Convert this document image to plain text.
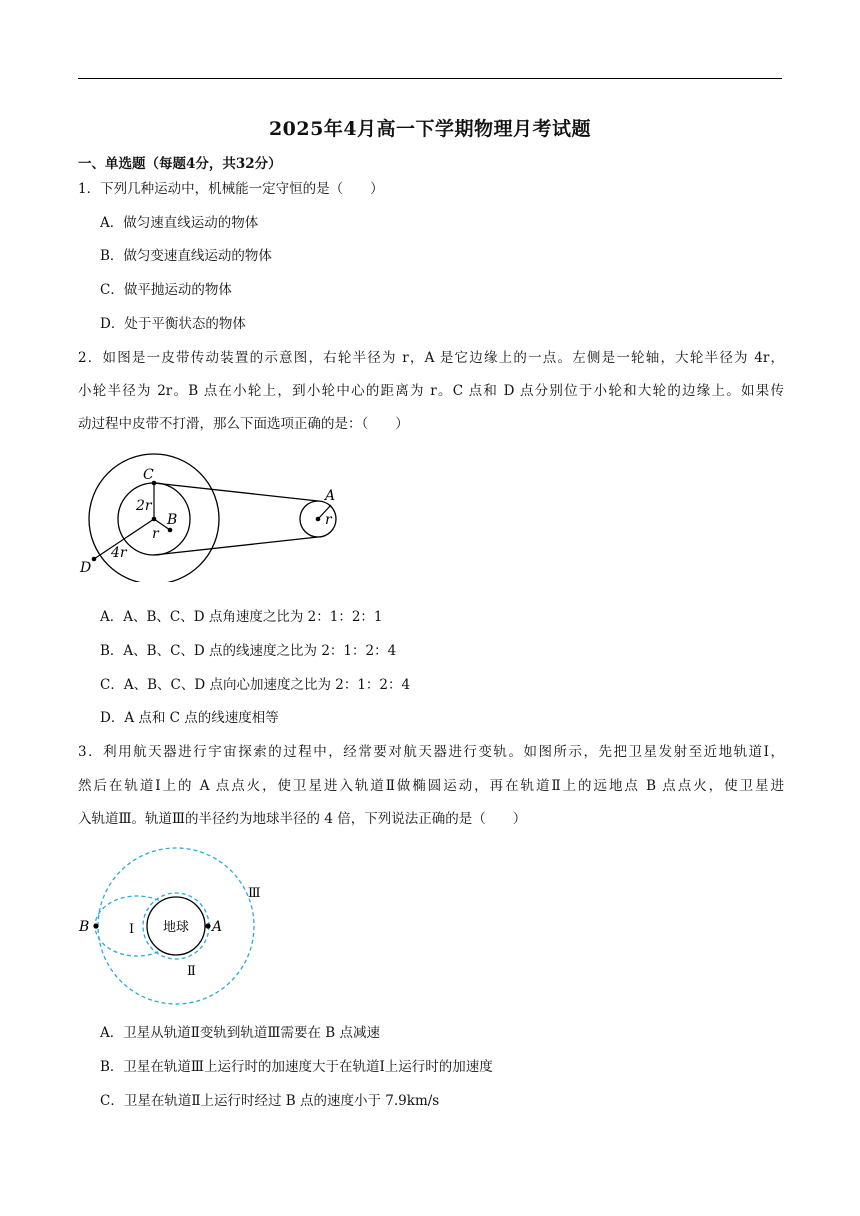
2025年4月高一下学期物理月考试题
一、单选题（每题4分，共32分）
1．下列几种运动中，机械能一定守恒的是（　　）
A．做匀速直线运动的物体
B．做匀变速直线运动的物体
C．做平抛运动的物体
D．处于平衡状态的物体
2．如图是一皮带传动装置的示意图，右轮半径为 r，A 是它边缘上的一点。左侧是一轮轴，大轮半径为 4r，
小轮半径为 2r。B 点在小轮上，到小轮中心的距离为 r。C 点和 D 点分别位于小轮和大轮的边缘上。如果传
动过程中皮带不打滑，那么下面选项正确的是：（　　）
C
2r
B
r
4r
D
A
r
A．A、B、C、D 点角速度之比为 2：1：2：1
B．A、B、C、D 点的线速度之比为 2：1：2：4
C．A、B、C、D 点向心加速度之比为 2：1：2：4
D．A 点和 C 点的线速度相等
3．利用航天器进行宇宙探索的过程中，经常要对航天器进行变轨。如图所示，先把卫星发射至近地轨道Ⅰ，
然后在轨道Ⅰ上的 A 点点火，使卫星进入轨道Ⅱ做椭圆运动，再在轨道Ⅱ上的远地点 B 点点火，使卫星进
入轨道Ⅲ。轨道Ⅲ的半径约为地球半径的 4 倍，下列说法正确的是（　　）
地球
B	A
Ⅰ
Ⅱ
Ⅲ
A．卫星从轨道Ⅱ变轨到轨道Ⅲ需要在 B 点减速
B．卫星在轨道Ⅲ上运行时的加速度大于在轨道Ⅰ上运行时的加速度
C．卫星在轨道Ⅱ上运行时经过 B 点的速度小于 7.9km/s
